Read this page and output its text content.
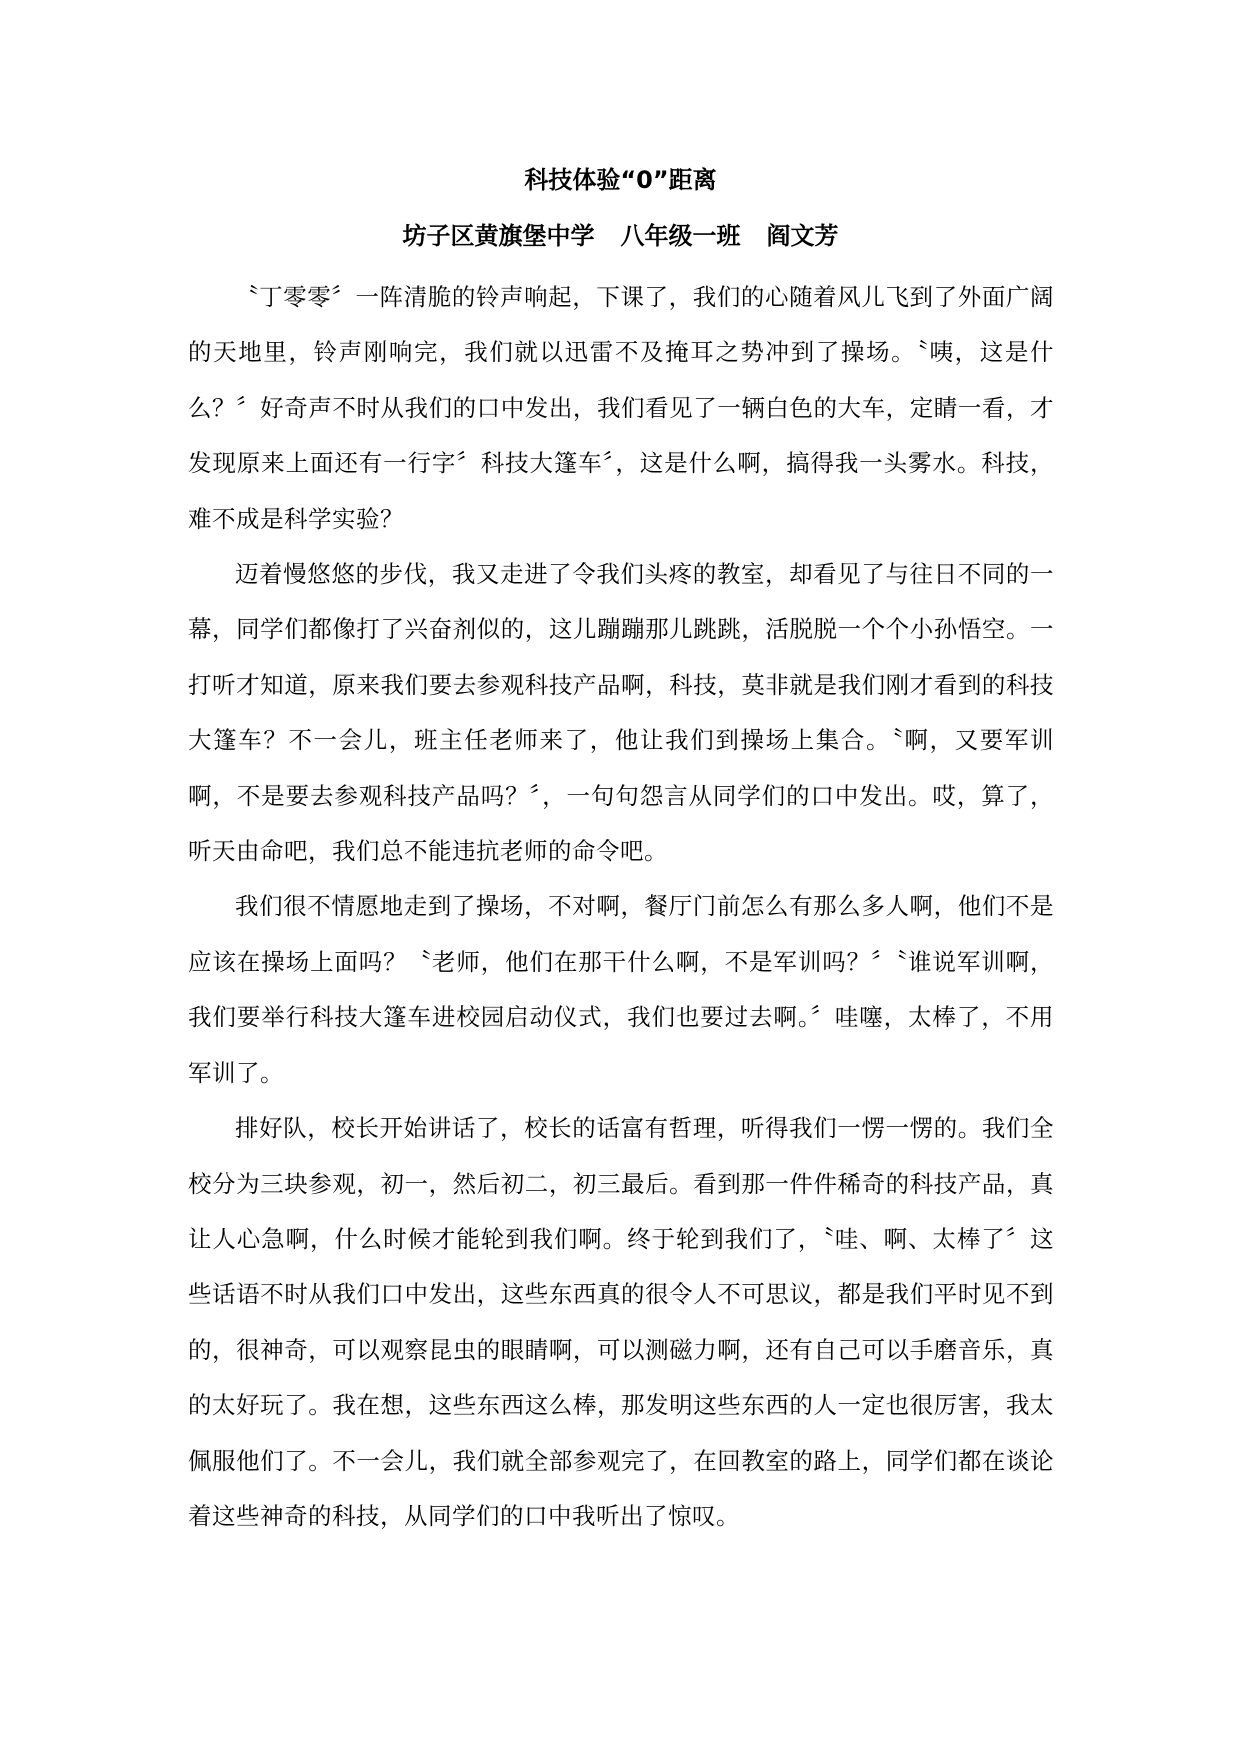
科技体验“0”距离
坊子区黄旗堡中学 八年级一班 阎文芳

〝丁零零〞一阵清脆的铃声响起，下课了，我们的心随着风儿飞到了外面广阔的天地里，铃声刚响完，我们就以迅雷不及掩耳之势冲到了操场。〝咦，这是什么？〞好奇声不时从我们的口中发出，我们看见了一辆白色的大车，定睛一看，才发现原来上面还有一行字〞科技大篷车〞，这是什么啊，搞得我一头雾水。科技，难不成是科学实验？

迈着慢悠悠的步伐，我又走进了令我们头疼的教室，却看见了与往日不同的一幕，同学们都像打了兴奋剂似的，这儿蹦蹦那儿跳跳，活脱脱一个个小孙悟空。一打听才知道，原来我们要去参观科技产品啊，科技，莫非就是我们刚才看到的科技大篷车？不一会儿，班主任老师来了，他让我们到操场上集合。〝啊，又要军训啊，不是要去参观科技产品吗？〞，一句句怨言从同学们的口中发出。哎，算了，听天由命吧，我们总不能违抗老师的命令吧。

我们很不情愿地走到了操场，不对啊，餐厅门前怎么有那么多人啊，他们不是应该在操场上面吗？〝老师，他们在那干什么啊，不是军训吗？〞〝谁说军训啊，我们要举行科技大篷车进校园启动仪式，我们也要过去啊。〞哇噻，太棒了，不用军训了。

排好队，校长开始讲话了，校长的话富有哲理，听得我们一愣一愣的。我们全校分为三块参观，初一，然后初二，初三最后。看到那一件件稀奇的科技产品，真让人心急啊，什么时候才能轮到我们啊。终于轮到我们了，〝哇、啊、太棒了〞这些话语不时从我们口中发出，这些东西真的很令人不可思议，都是我们平时见不到的，很神奇，可以观察昆虫的眼睛啊，可以测磁力啊，还有自己可以手磨音乐，真的太好玩了。我在想，这些东西这么棒，那发明这些东西的人一定也很厉害，我太佩服他们了。不一会儿，我们就全部参观完了，在回教室的路上，同学们都在谈论着这些神奇的科技，从同学们的口中我听出了惊叹。
